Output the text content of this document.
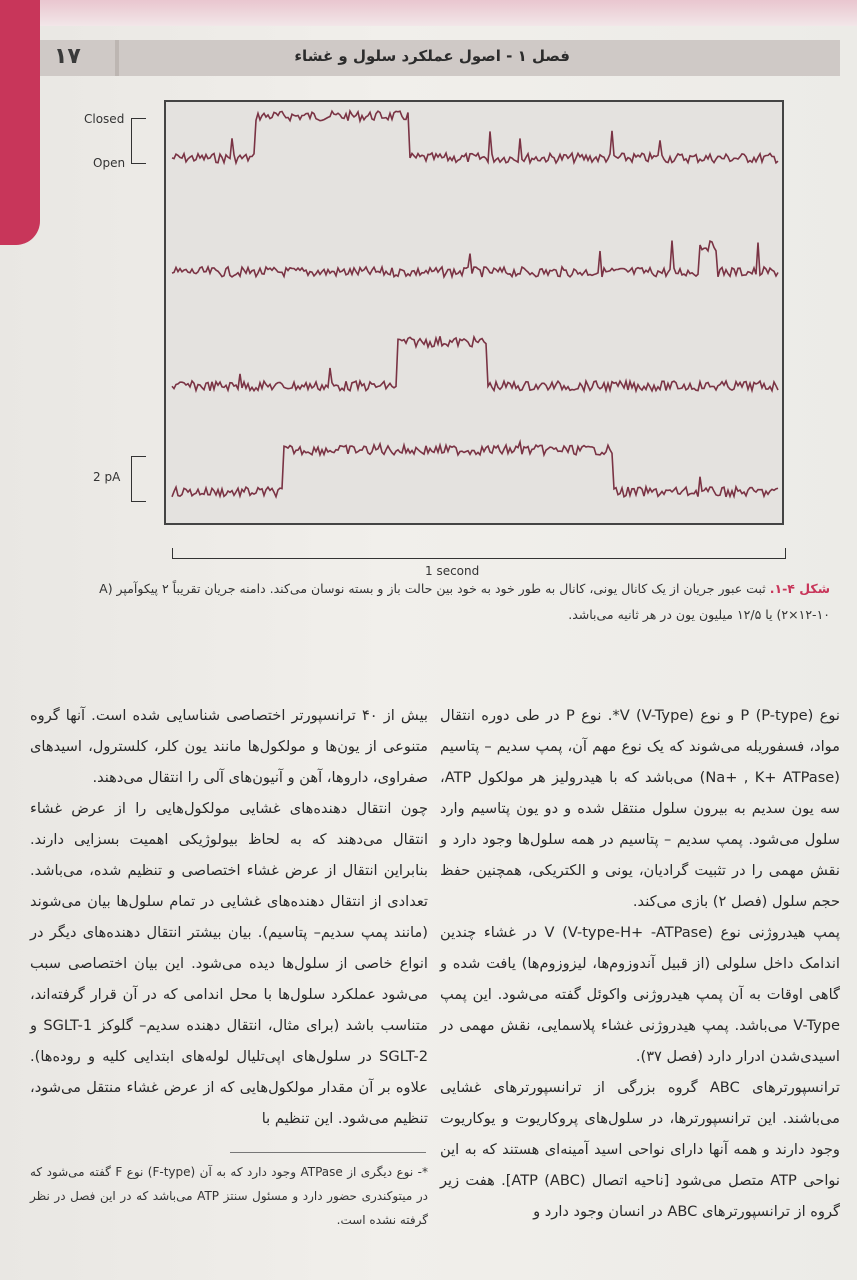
۱۷	فصل ۱ - اصول عملکرد سلول و غشاء
Closed
Open
2 pA
1 second
شکل ۴-۱. ثبت عبور جریان از یک کانال یونی، کانال به طور خود به خود بین حالت باز و بسته نوسان می‌کند. دامنه جریان تقریباً ۲ پیکوآمپر (A
۱۲-۱۰×۲) یا ۱۲/۵ میلیون یون در هر ثانیه می‌باشد.

نوع P (P-type) و نوع V (V-Type)*. نوع P در طی دوره انتقال مواد، فسفوریله می‌شوند که یک نوع مهم آن، پمپ سدیم – پتاسیم (Na+ , K+ ATPase) می‌باشد که با هیدرولیز هر مولکول ATP، سه یون سدیم به بیرون سلول منتقل شده و دو یون پتاسیم وارد سلول می‌شود. پمپ سدیم – پتاسیم در همه سلول‌ها وجود دارد و نقش مهمی را در تثبیت گرادیان، یونی و الکتریکی، همچنین حفظ حجم سلول (فصل ۲) بازی می‌کند.

پمپ هیدروژنی نوع V (V-type-H+ -ATPase) در غشاء چندین اندامک داخل سلولی (از قبیل آندوزوم‌ها، لیزوزوم‌ها) یافت شده و گاهی اوقات به آن پمپ هیدروژنی واکوئل گفته می‌شود. این پمپ V-Type می‌باشد. پمپ هیدروژنی غشاء پلاسمایی، نقش مهمی در اسیدی‌شدن ادرار دارد (فصل ۳۷).

ترانسپورترهای ABC گروه بزرگی از ترانسپورترهای غشایی می‌باشند. این ترانسپورترها، در سلول‌های پروکاریوت و یوکاریوت وجود دارند و همه آنها دارای نواحی اسید آمینه‌ای هستند که به این نواحی ATP متصل می‌شود [ناحیه اتصال ATP (ABC)]. هفت زیر گروه از ترانسپورترهای ABC در انسان وجود دارد و

بیش از ۴۰ ترانسپورتر اختصاصی شناسایی شده است. آنها گروه متنوعی از یون‌ها و مولکول‌ها مانند یون کلر، کلسترول، اسیدهای صفراوی، داروها، آهن و آنیون‌های آلی را انتقال می‌دهند.

چون انتقال دهنده‌های غشایی مولکول‌هایی را از عرض غشاء انتقال می‌دهند که به لحاظ بیولوژیکی اهمیت بسزایی دارند. بنابراین انتقال از عرض غشاء اختصاصی و تنظیم شده، می‌باشد. تعدادی از انتقال دهنده‌های غشایی در تمام سلول‌ها بیان می‌شوند (مانند پمپ سدیم– پتاسیم). بیان بیشتر انتقال دهنده‌های دیگر در انواع خاصی از سلول‌ها دیده می‌شود. این بیان اختصاصی سبب می‌شود عملکرد سلول‌ها با محل اندامی که در آن قرار گرفته‌اند، متناسب باشد (برای مثال، انتقال دهنده سدیم– گلوکز SGLT-1 و SGLT-2 در سلول‌های اپی‌تلیال لوله‌های ابتدایی کلیه و روده‌ها). علاوه بر آن مقدار مولکول‌هایی که از عرض غشاء منتقل می‌شود، تنظیم می‌شود. این تنظیم با

*- نوع دیگری از ATPase وجود دارد که به آن (F-type) نوع F گفته می‌شود که در میتوکندری حضور دارد و مسئول سنتز ATP می‌باشد که در این فصل در نظر گرفته نشده است.
